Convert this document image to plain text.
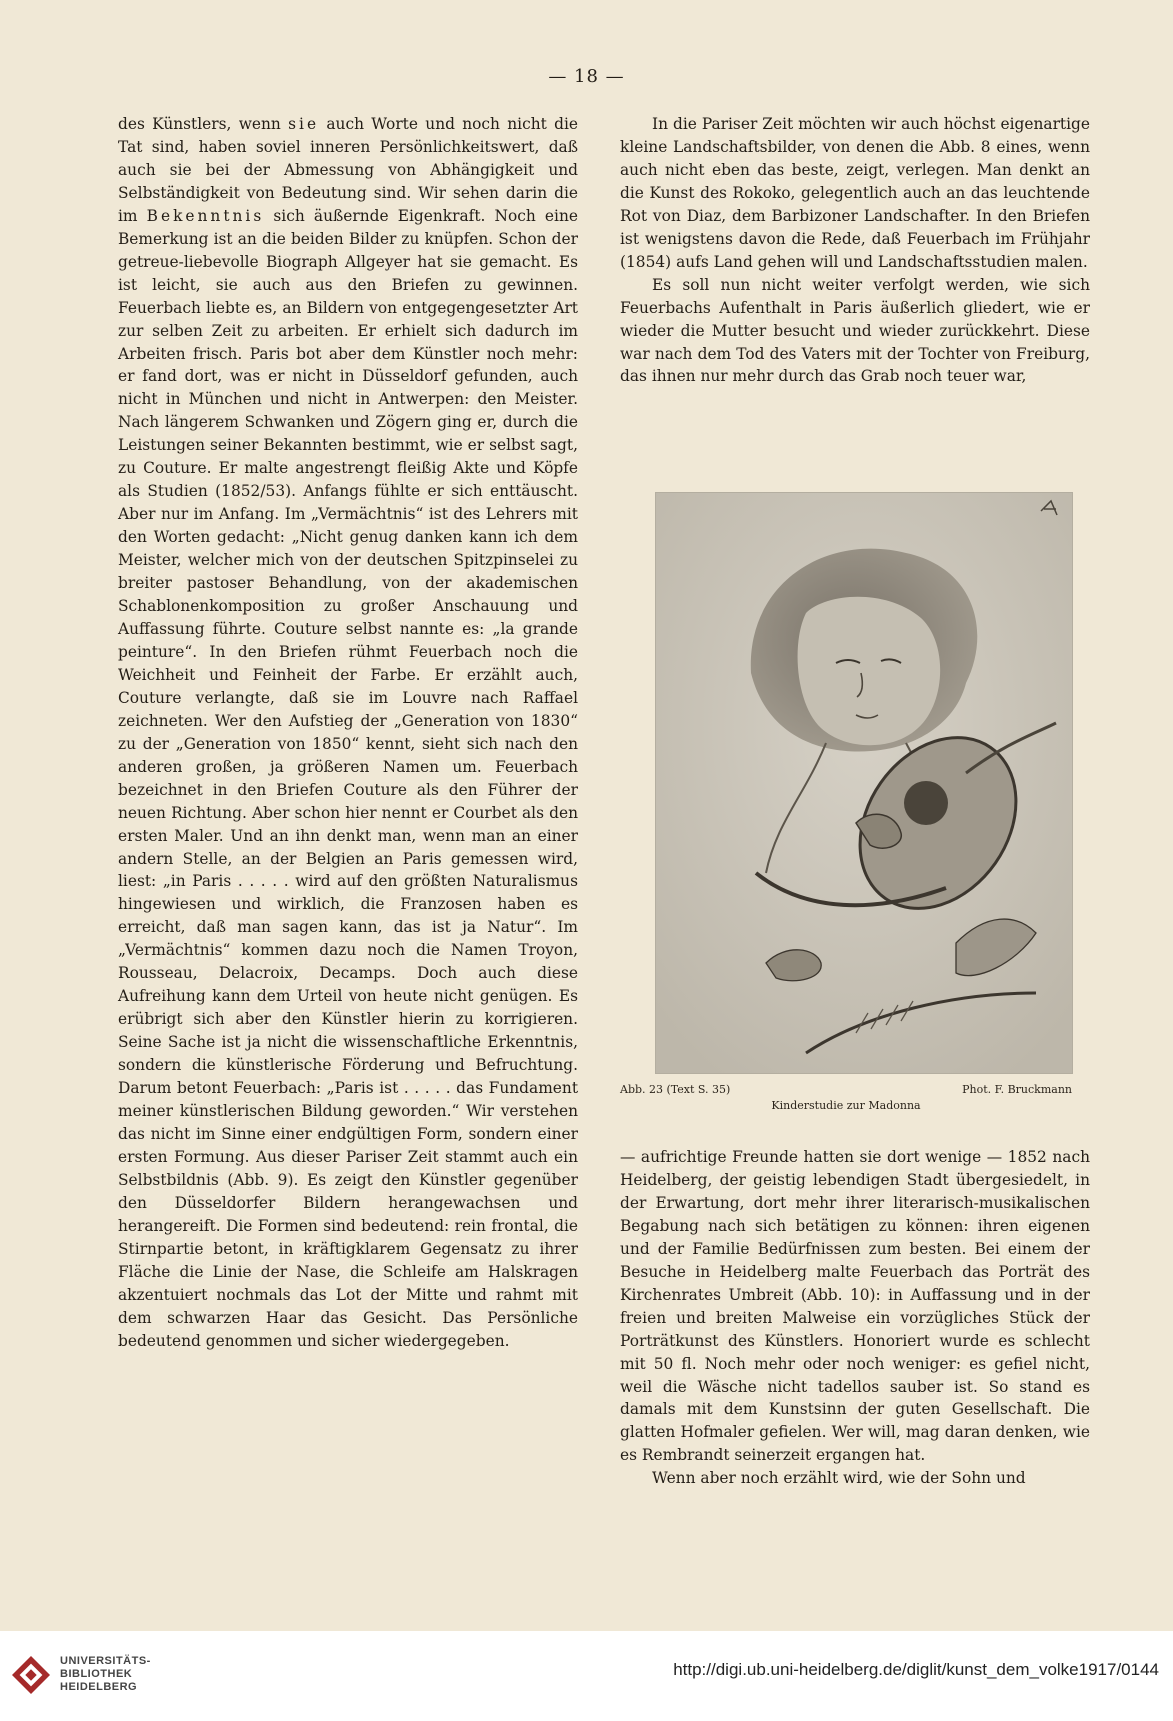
— 18 —

des Künstlers, wenn sie auch Worte und noch nicht die Tat sind, haben soviel inneren Persönlichkeitswert, daß auch sie bei der Abmessung von Abhängigkeit und Selbständigkeit von Bedeutung sind. Wir sehen darin die im Bekenntnis sich äußernde Eigenkraft. Noch eine Bemerkung ist an die beiden Bilder zu knüpfen. Schon der getreue-liebevolle Biograph Allgeyer hat sie gemacht. Es ist leicht, sie auch aus den Briefen zu gewinnen. Feuerbach liebte es, an Bildern von entgegengesetzter Art zur selben Zeit zu arbeiten. Er erhielt sich dadurch im Arbeiten frisch. Paris bot aber dem Künstler noch mehr: er fand dort, was er nicht in Düsseldorf gefunden, auch nicht in München und nicht in Antwerpen: den Meister. Nach längerem Schwanken und Zögern ging er, durch die Leistungen seiner Bekannten bestimmt, wie er selbst sagt, zu Couture. Er malte angestrengt fleißig Akte und Köpfe als Studien (1852/53). Anfangs fühlte er sich enttäuscht. Aber nur im Anfang. Im „Vermächtnis“ ist des Lehrers mit den Worten gedacht: „Nicht genug danken kann ich dem Meister, welcher mich von der deutschen Spitzpinselei zu breiter pastoser Behandlung, von der akademischen Schablonenkomposition zu großer Anschauung und Auffassung führte. Couture selbst nannte es: „la grande peinture“. In den Briefen rühmt Feuerbach noch die Weichheit und Feinheit der Farbe. Er erzählt auch, Couture verlangte, daß sie im Louvre nach Raffael zeichneten. Wer den Aufstieg der „Generation von 1830“ zu der „Generation von 1850“ kennt, sieht sich nach den anderen großen, ja größeren Namen um. Feuerbach bezeichnet in den Briefen Couture als den Führer der neuen Richtung. Aber schon hier nennt er Courbet als den ersten Maler. Und an ihn denkt man, wenn man an einer andern Stelle, an der Belgien an Paris gemessen wird, liest: „in Paris . . . . . wird auf den größten Naturalismus hingewiesen und wirklich, die Franzosen haben es erreicht, daß man sagen kann, das ist ja Natur“. Im „Vermächtnis“ kommen dazu noch die Namen Troyon, Rousseau, Delacroix, Decamps. Doch auch diese Aufreihung kann dem Urteil von heute nicht genügen. Es erübrigt sich aber den Künstler hierin zu korrigieren. Seine Sache ist ja nicht die wissenschaftliche Erkenntnis, sondern die künstlerische Förderung und Befruchtung. Darum betont Feuerbach: „Paris ist . . . . . das Fundament meiner künstlerischen Bildung geworden.“ Wir verstehen das nicht im Sinne einer endgültigen Form, sondern einer ersten Formung. Aus dieser Pariser Zeit stammt auch ein Selbstbildnis (Abb. 9). Es zeigt den Künstler gegenüber den Düsseldorfer Bildern herangewachsen und herangereift. Die Formen sind bedeutend: rein frontal, die Stirnpartie betont, in kräftigklarem Gegensatz zu ihrer Fläche die Linie der Nase, die Schleife am Halskragen akzentuiert nochmals das Lot der Mitte und rahmt mit dem schwarzen Haar das Gesicht. Das Persönliche bedeutend genommen und sicher wiedergegeben.

In die Pariser Zeit möchten wir auch höchst eigenartige kleine Landschaftsbilder, von denen die Abb. 8 eines, wenn auch nicht eben das beste, zeigt, verlegen. Man denkt an die Kunst des Rokoko, gelegentlich auch an das leuchtende Rot von Diaz, dem Barbizoner Landschafter. In den Briefen ist wenigstens davon die Rede, daß Feuerbach im Frühjahr (1854) aufs Land gehen will und Landschaftsstudien malen.

Es soll nun nicht weiter verfolgt werden, wie sich Feuerbachs Aufenthalt in Paris äußerlich gliedert, wie er wieder die Mutter besucht und wieder zurückkehrt. Diese war nach dem Tod des Vaters mit der Tochter von Freiburg, das ihnen nur mehr durch das Grab noch teuer war,

Abb. 23 (Text S. 35)	Phot. F. Bruckmann
Kinderstudie zur Madonna

— aufrichtige Freunde hatten sie dort wenige — 1852 nach Heidelberg, der geistig lebendigen Stadt übergesiedelt, in der Erwartung, dort mehr ihrer literarisch-musikalischen Begabung nach sich betätigen zu können: ihren eigenen und der Familie Bedürfnissen zum besten. Bei einem der Besuche in Heidelberg malte Feuerbach das Porträt des Kirchenrates Umbreit (Abb. 10): in Auffassung und in der freien und breiten Malweise ein vorzügliches Stück der Porträtkunst des Künstlers. Honoriert wurde es schlecht mit 50 fl. Noch mehr oder noch weniger: es gefiel nicht, weil die Wäsche nicht tadellos sauber ist. So stand es damals mit dem Kunstsinn der guten Gesellschaft. Die glatten Hofmaler gefielen. Wer will, mag daran denken, wie es Rembrandt seinerzeit ergangen hat.

Wenn aber noch erzählt wird, wie der Sohn und

UNIVERSITÄTS-
BIBLIOTHEK
HEIDELBERG
http://digi.ub.uni-heidelberg.de/diglit/kunst_dem_volke1917/0144
